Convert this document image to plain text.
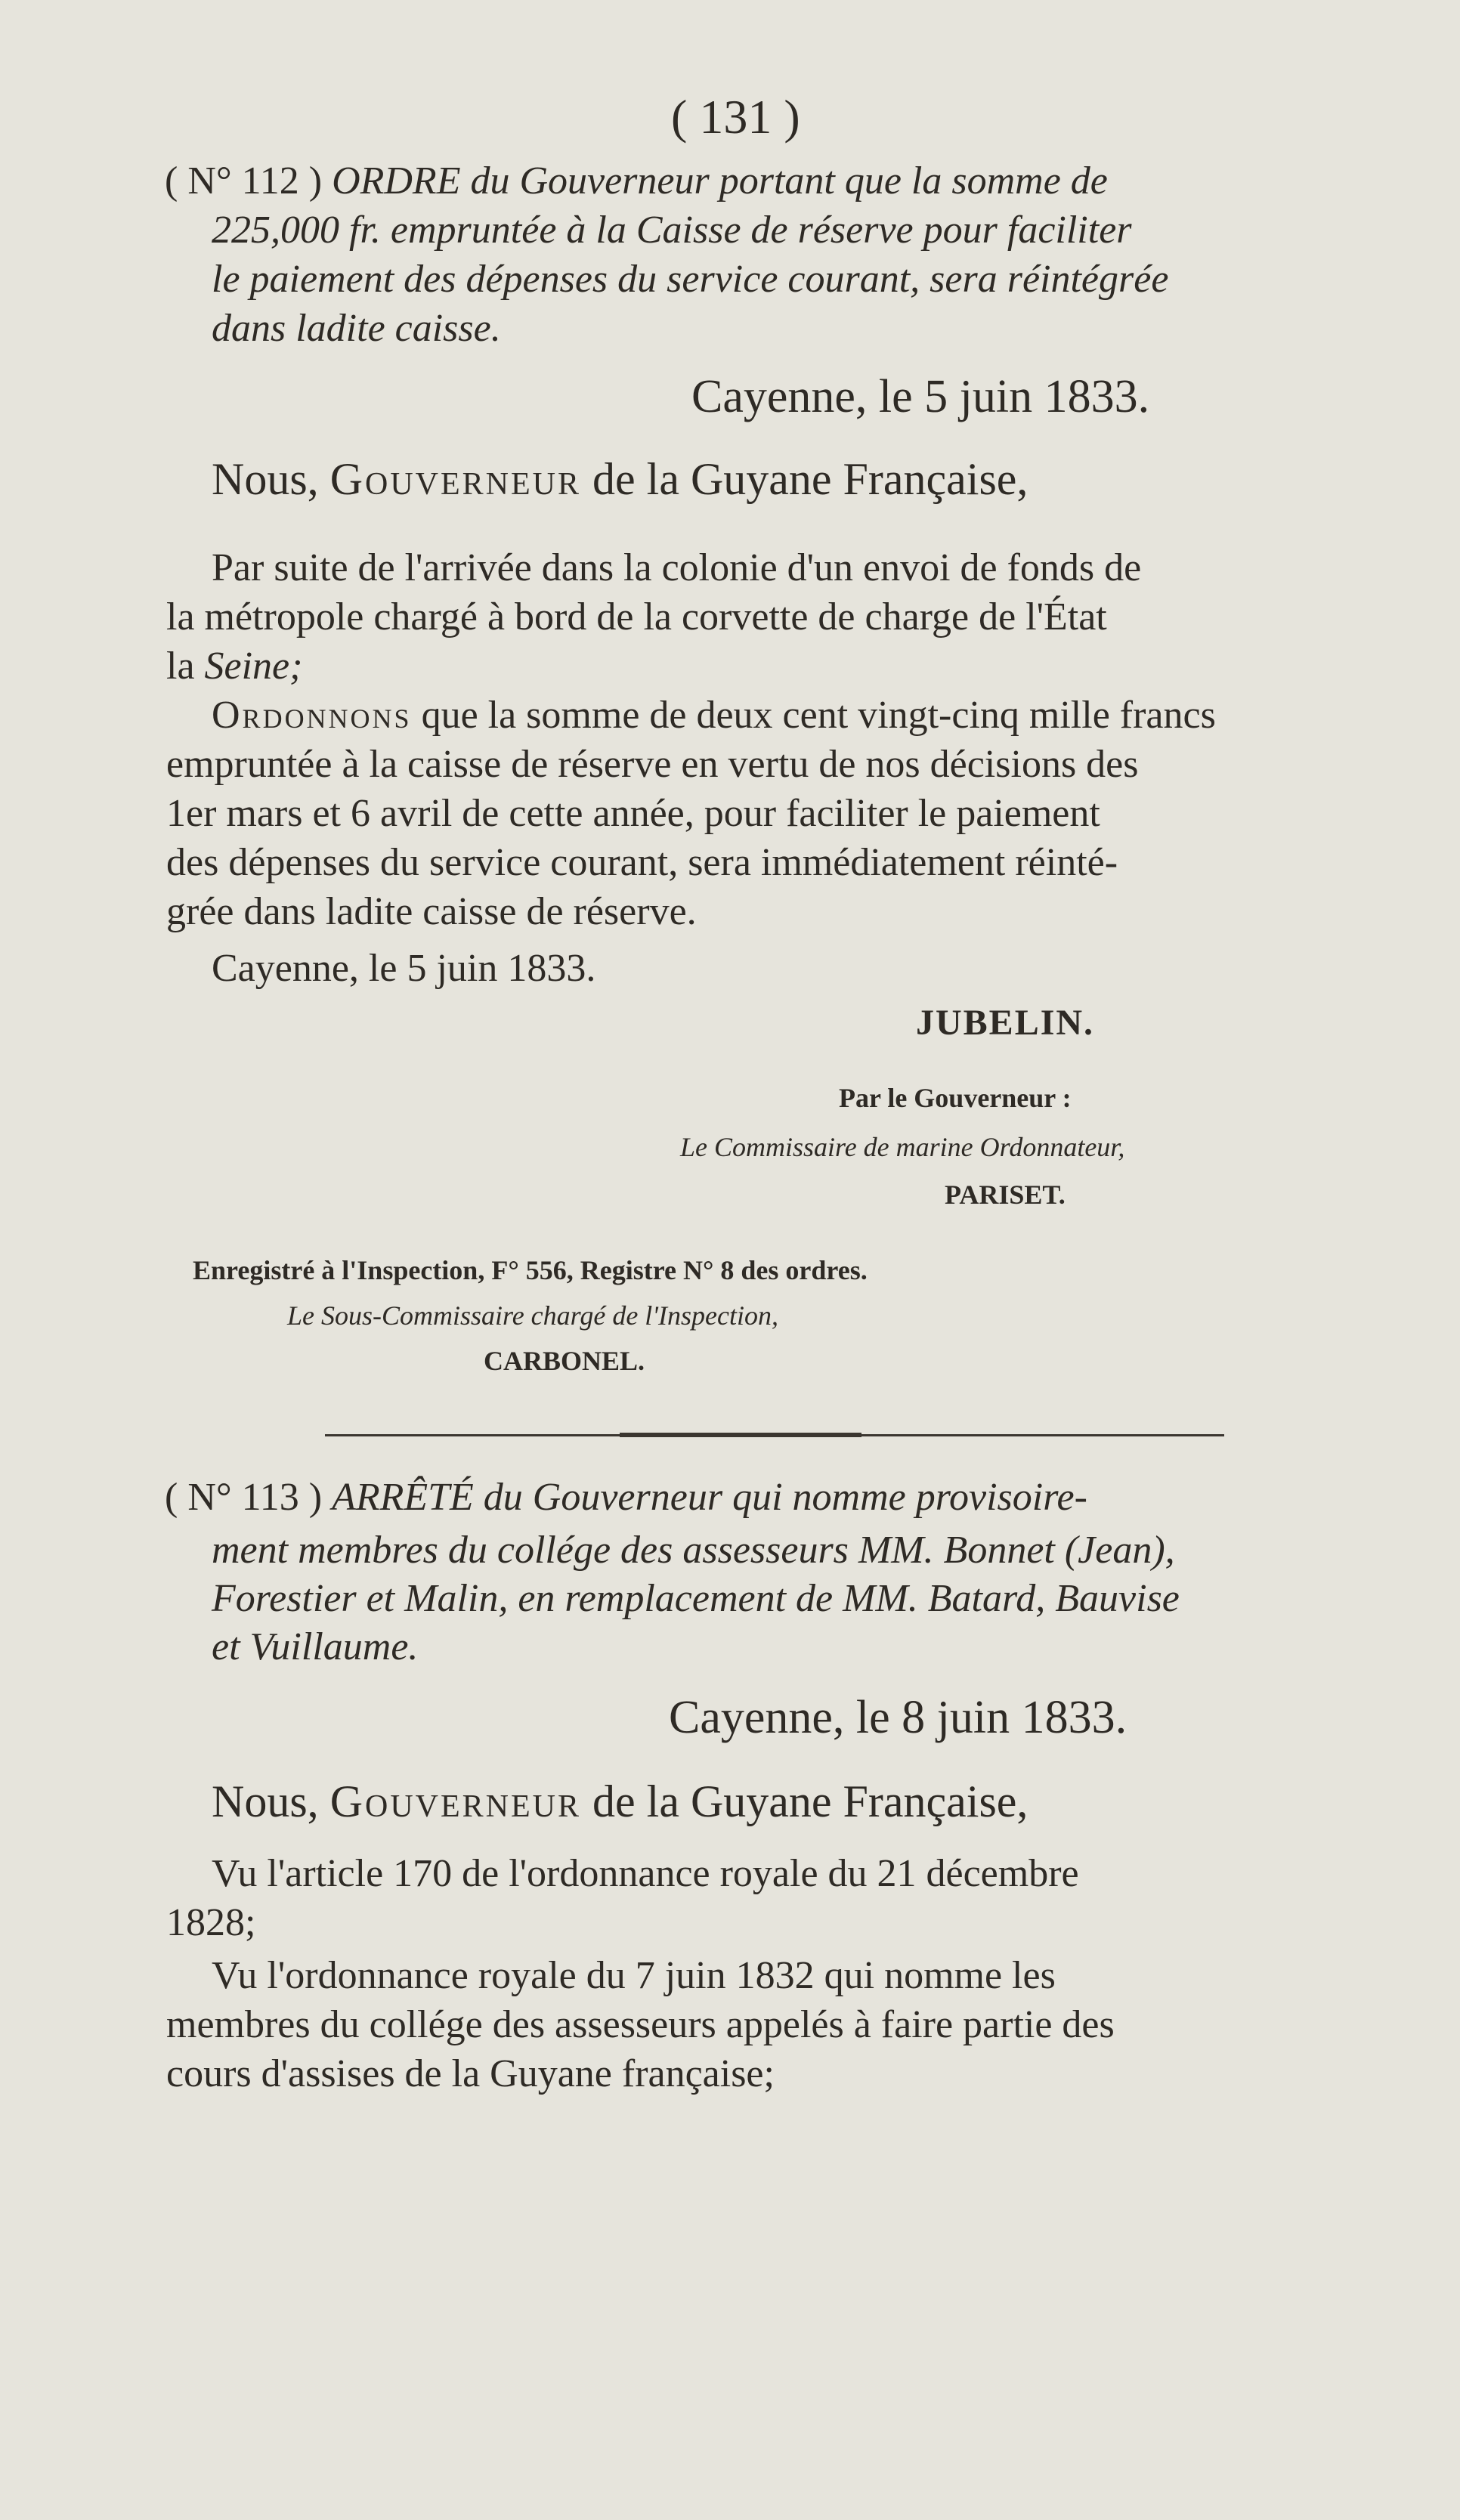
( 131 )
( N° 112 ) ORDRE du Gouverneur portant que la somme de
225,000 fr. empruntée à la Caisse de réserve pour faciliter
le paiement des dépenses du service courant, sera réintégrée
dans ladite caisse.
Cayenne, le 5 juin 1833.
Nous, Gouverneur de la Guyane Française,
Par suite de l'arrivée dans la colonie d'un envoi de fonds de
la métropole chargé à bord de la corvette de charge de l'État
la Seine;
Ordonnons que la somme de deux cent vingt-cinq mille francs
empruntée à la caisse de réserve en vertu de nos décisions des
1er mars et 6 avril de cette année, pour faciliter le paiement
des dépenses du service courant, sera immédiatement réinté-
grée dans ladite caisse de réserve.
Cayenne, le 5 juin 1833.
JUBELIN.
Par le Gouverneur :
Le Commissaire de marine Ordonnateur,
PARISET.
Enregistré à l'Inspection, F° 556, Registre N° 8 des ordres.
Le Sous-Commissaire chargé de l'Inspection,
CARBONEL.
( N° 113 ) ARRÊTÉ du Gouverneur qui nomme provisoire-
ment membres du collége des assesseurs MM. Bonnet (Jean),
Forestier et Malin, en remplacement de MM. Batard, Bauvise
et Vuillaume.
Cayenne, le 8 juin 1833.
Nous, Gouverneur de la Guyane Française,
Vu l'article 170 de l'ordonnance royale du 21 décembre
1828;
Vu l'ordonnance royale du 7 juin 1832 qui nomme les
membres du collége des assesseurs appelés à faire partie des
cours d'assises de la Guyane française;
